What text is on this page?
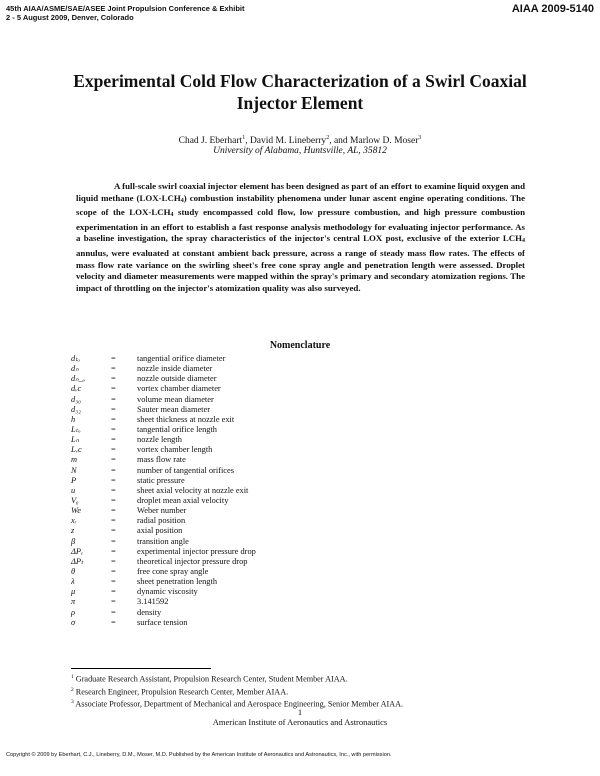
45th AIAA/ASME/SAE/ASEE Joint Propulsion Conference & Exhibit
2 - 5 August 2009, Denver, Colorado
AIAA 2009-5140
Experimental Cold Flow Characterization of a Swirl Coaxial
Injector Element
Chad J. Eberhart$^1$, David M. Lineberry$^2$, and Marlow D. Moser$^3$
University of Alabama, Huntsville, AL, 35812

A full-scale swirl coaxial injector element has been designed as part of an effort to examine liquid oxygen and liquid methane $(LOX-LCH_4)$ combustion instability phenomena under lunar ascent engine operating conditions. The scope of the LOX-$LCH_4$ study encompassed cold flow, low pressure combustion, and high pressure combustion experimentation in an effort to establish a fast response analysis methodology for evaluating injector performance. As a baseline investigation, the spray characteristics of the injector's central LOX post, exclusive of the exterior $LCH_4$ annulus, were evaluated at constant ambient back pressure, across a range of steady mass flow rates. The effects of mass flow rate variance on the swirling sheet's free cone spray angle and penetration length were assessed. Droplet velocity and diameter measurements were mapped within the spray's primary and secondary atomization regions. The impact of throttling on the injector's atomization quality was also surveyed.

Nomenclature
dₜₒ	=	tangential orifice diameter
dₙ	=	nozzle inside diameter
dₙ_ₒ	=	nozzle outside diameter
dᵥc	=	vortex chamber diameter
d₃₀	=	volume mean diameter
d₃₂	=	Sauter mean diameter
h	=	sheet thickness at nozzle exit
Lₜₒ	=	tangential orifice length
Lₙ	=	nozzle length
Lᵥc	=	vortex chamber length
m	=	mass flow rate
N	=	number of tangential orifices
P	=	static pressure
u	=	sheet axial velocity at nozzle exit
Vᵨ	=	droplet mean axial velocity
We	=	Weber number
xᵣ	=	radial position
z	=	axial position
β	=	transition angle
ΔPₑ	=	experimental injector pressure drop
ΔPₜ	=	theoretical injector pressure drop
θ	=	free cone spray angle
λ	=	sheet penetration length
μ	=	dynamic viscosity
π	=	3.141592
ρ	=	density
σ	=	surface tension
$^1$ Graduate Research Assistant, Propulsion Research Center, Student Member AIAA.
$^2$ Research Engineer, Propulsion Research Center, Member AIAA.
$^3$ Associate Professor, Department of Mechanical and Aerospace Engineering, Senior Member AIAA.
1
American Institute of Aeronautics and Astronautics
Copyright © 2009 by Eberhart, C.J., Lineberry, D.M., Moser, M.D. Published by the American Institute of Aeronautics and Astronautics, Inc., with permission.
